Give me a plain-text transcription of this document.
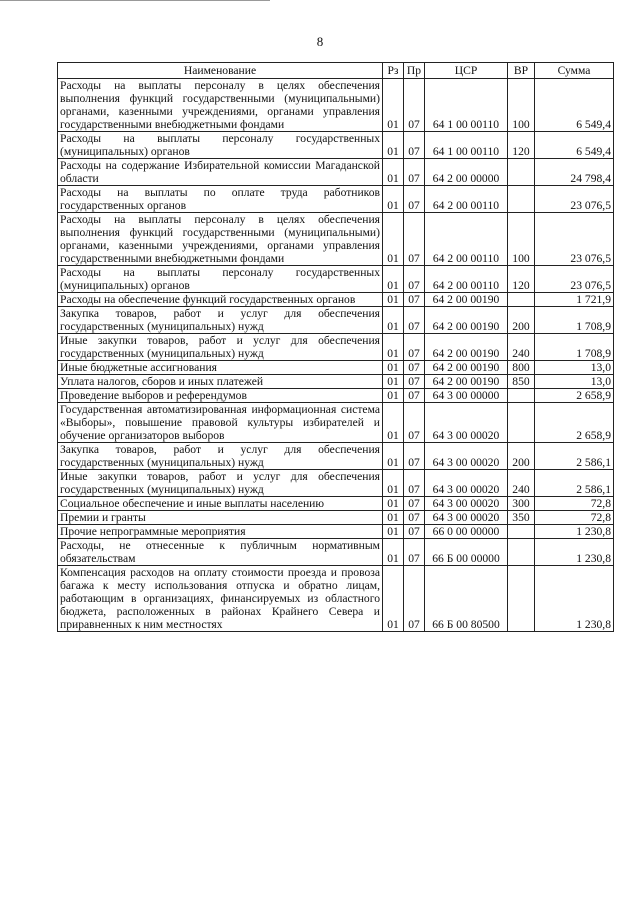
8
Наименование	Рз	Пр	ЦСР	ВР	Сумма
Расходы на выплаты персоналу в целях обеспечения выполнения функций государственными (муниципальными) органами, казенными учреждениями, органами управления государственными внебюджетными фондами	01	07	64 1 00 00110	100	6 549,4
Расходы на выплаты персоналу государственных (муниципальных) органов	01	07	64 1 00 00110	120	6 549,4
Расходы на содержание Избирательной комиссии Магаданской области	01	07	64 2 00 00000		24 798,4
Расходы на выплаты по оплате труда работников государственных органов	01	07	64 2 00 00110		23 076,5
Расходы на выплаты персоналу в целях обеспечения выполнения функций государственными (муниципальными) органами, казенными учреждениями, органами управления государственными внебюджетными фондами	01	07	64 2 00 00110	100	23 076,5
Расходы на выплаты персоналу государственных (муниципальных) органов	01	07	64 2 00 00110	120	23 076,5
Расходы на обеспечение функций государственных органов	01	07	64 2 00 00190		1 721,9
Закупка товаров, работ и услуг для обеспечения государственных (муниципальных) нужд	01	07	64 2 00 00190	200	1 708,9
Иные закупки товаров, работ и услуг для обеспечения государственных (муниципальных) нужд	01	07	64 2 00 00190	240	1 708,9
Иные бюджетные ассигнования	01	07	64 2 00 00190	800	13,0
Уплата налогов, сборов и иных платежей	01	07	64 2 00 00190	850	13,0
Проведение выборов и референдумов	01	07	64 3 00 00000		2 658,9
Государственная автоматизированная информационная система «Выборы», повышение правовой культуры избирателей и обучение организаторов выборов	01	07	64 3 00 00020		2 658,9
Закупка товаров, работ и услуг для обеспечения государственных (муниципальных) нужд	01	07	64 3 00 00020	200	2 586,1
Иные закупки товаров, работ и услуг для обеспечения государственных (муниципальных) нужд	01	07	64 3 00 00020	240	2 586,1
Социальное обеспечение и иные выплаты населению	01	07	64 3 00 00020	300	72,8
Премии и гранты	01	07	64 3 00 00020	350	72,8
Прочие непрограммные мероприятия	01	07	66 0 00 00000		1 230,8
Расходы, не отнесенные к публичным нормативным обязательствам	01	07	66 Б 00 00000		1 230,8
Компенсация расходов на оплату стоимости проезда и провоза багажа к месту использования отпуска и обратно лицам, работающим в организациях, финансируемых из областного бюджета, расположенных в районах Крайнего Севера и приравненных к ним местностях	01	07	66 Б 00 80500		1 230,8
